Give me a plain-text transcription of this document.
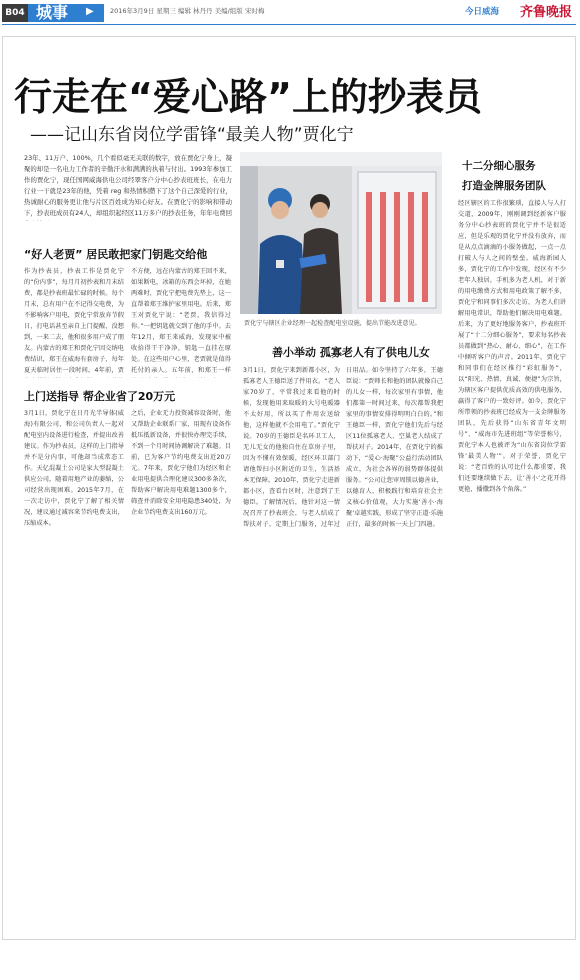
B04 城事 ▶	2016年3月9日 星期三 编辑 林丹丹 美编/组版 宋时梅	今日威海 齐鲁晚报
行走在“爱心路”上的抄表员
——记山东省岗位学雷锋“最美人物”贾化宁
23年、11万户、100%，几个看似毫无关联的数字，放在贾化宁身上，凝聚的却是一名电力工作者的辛勤汗水和满满的执着与付出。1993年参加工作的贾化宁，现任国网威海供电公司经翠客户分中心抄表班班长，在电力行业一干就是23年的他，凭着 reg 和热情积攒下了这个自己深爱的行业，热诚耐心的服务更让他与片区百姓成为知心好友。在贾化宁的影响和带动下，抄表班成员有24人，却组织起经区11万多户的抄表任务，年年电费回
“好人老贾” 居民敢把家门钥匙交给他
作为抄表员，抄表工作是贾化宁的“份内事”，每月月初抄表和月末结费，都是抄表班最忙碌的时候。每个月末，总有用户在不记得交电费，为不影响客户用电，贾化宁常放弃节假日，打电话甚至亲自上门提醒，没想到，一来二去，他和很多用户成了朋友。内蒙古的郑王和贾化宁因交纳电费结识，郑王在威海有套房子，每年夏天临时居住一段时间。4年前，贾
不方便，远在内蒙古的郑王回不来，如果断电，冰箱的东西会坏掉，在她两难时，贾化宁把电费先垫上，这一直帮着郑王维护家里用电。后来，郑王对贾化宁说：“老贾，我信得过你。”一把钥匙就交到了他的手中。去年12月，郑王来威海，发现家中被收拾得干干净净，钥匙一直挂在原处。在这些用户心里，老贾就是值得托付的亲人。五年前，和郑王一样
上门送指导 帮企业省了20万元
3月1日，贾化宁在日月光半导体(威海)有限公司，和公司负责人一起对配电室内设备进行检查，并提出改善建议。作为抄表员，这样的上门指导并不是分内事，可他却当成常态工作。天亿混凝土公司是家大型混凝土供应公司，随着用地产业的萎缩，公司经营出现困难。2015年7月，在一次走访中，贾化宁了解了相关情况，建议通过减容来节约电费支出，压缩成本。
之后，企业无力投资减容设备时，他又帮助企业联系厂家，用现有设备作抵压抵新设备，并很快办理完手续，不到一个月时间协调解决了难题。目前，已为客户节约电费支出近20万元。7年来，贾化宁他们为经区和企业用电提供合理化建议300多条次，帮助客户解决用电难题1300多个，筛查并消除安全用电隐患340处，为企业节约电费支出160万元。
贾化宁与辖区企业经理一起检查配电室设施，提出节能改进意见。
善小举动 孤寡老人有了供电儿女
3月1日，贾化宁来到新都小区，为孤寡老人王德臣送了件用衣。“老人家70岁了，平常我过来看他的时候，发现他用来取暖的大号电暖器不太好用，所以买了件用农送给他，这样他就不会用电了。”贾化宁说。70岁的王德臣是名环卫工人，无儿无女的他独自住在草房子里，因为不懂有效保暖，经区环卫部门请他帮扫小区附近的卫生，生活基本无保障。2010年，贾化宁走进新都小区，查看台区时，注意到了王德臣。了解情况后，他针对这一情况召开了抄表班会，与老人结成了帮扶对子，定期上门服务，过年过
日用品。如今坚持了六年多，王德臣说：“贾师长和他的团队就像自己的儿女一样，每次家里有事情，他们都第一时间过来，每次都帮我把家里的事情安排得明明白白的。”和王德臣一样，贾化宁他们先后与经区11位孤寡老人、空巢老人结成了帮扶对子。2014年，在贾化宁的推动下，“爱心·海聚”公益行活动团队成立，为社会各界的弱势群体提供服务。“公司让您审周锁以德善业，以德育人，积极践行和培育社会主义核心价值观，大力实施‘善小·海聚’卓越实践，形成了坚守正道·乐施正行，最多的时候一天上门四趟。
十二分细心服务
打造金牌服务团队
经区辖区的工作很繁琐，直接人与人打交道，2009年，刚刚调到经新客户服务分中心抄表班的贾化宁并不是很适应，但是乐观的贾化宁并没有放弃，而是从点点滴滴的小服务做起，一点一点打破人与人之间的壁垒。威海新园人多，贾化宁的工作中发现，经区有不少老年人独居，手机多为老人机，对于新的用电缴费方式和用电政策了解不多，贾化宁和同事们多次走访，为老人们讲解用电常识，帮助他们解决用电难题。后来，为了更好地服务客户，抄表班开展了“十二分细心服务”，要求每名抄表员都做到“热心、耐心、细心”，在工作中倾听客户的声音。2011年，贾化宁和同事们在经区推行“彩虹服务”，以“阳光、热情、真诚、便捷”为宗旨，为辖区客户提供优质高效的供电服务，赢得了客户的一致好评。如今，贾化宁所带领的抄表班已经成为一支金牌服务团队，先后获得“山东省青年文明号”、“威海市先进班组”等荣誉称号，贾化宁本人也被评为“山东省岗位学雷锋‘最美人物’”。对于荣誉，贾化宁说：“老百姓的认可比什么都重要，我们还要继续做下去，让‘善小’之花开得更艳，播撒到各个角落。”
